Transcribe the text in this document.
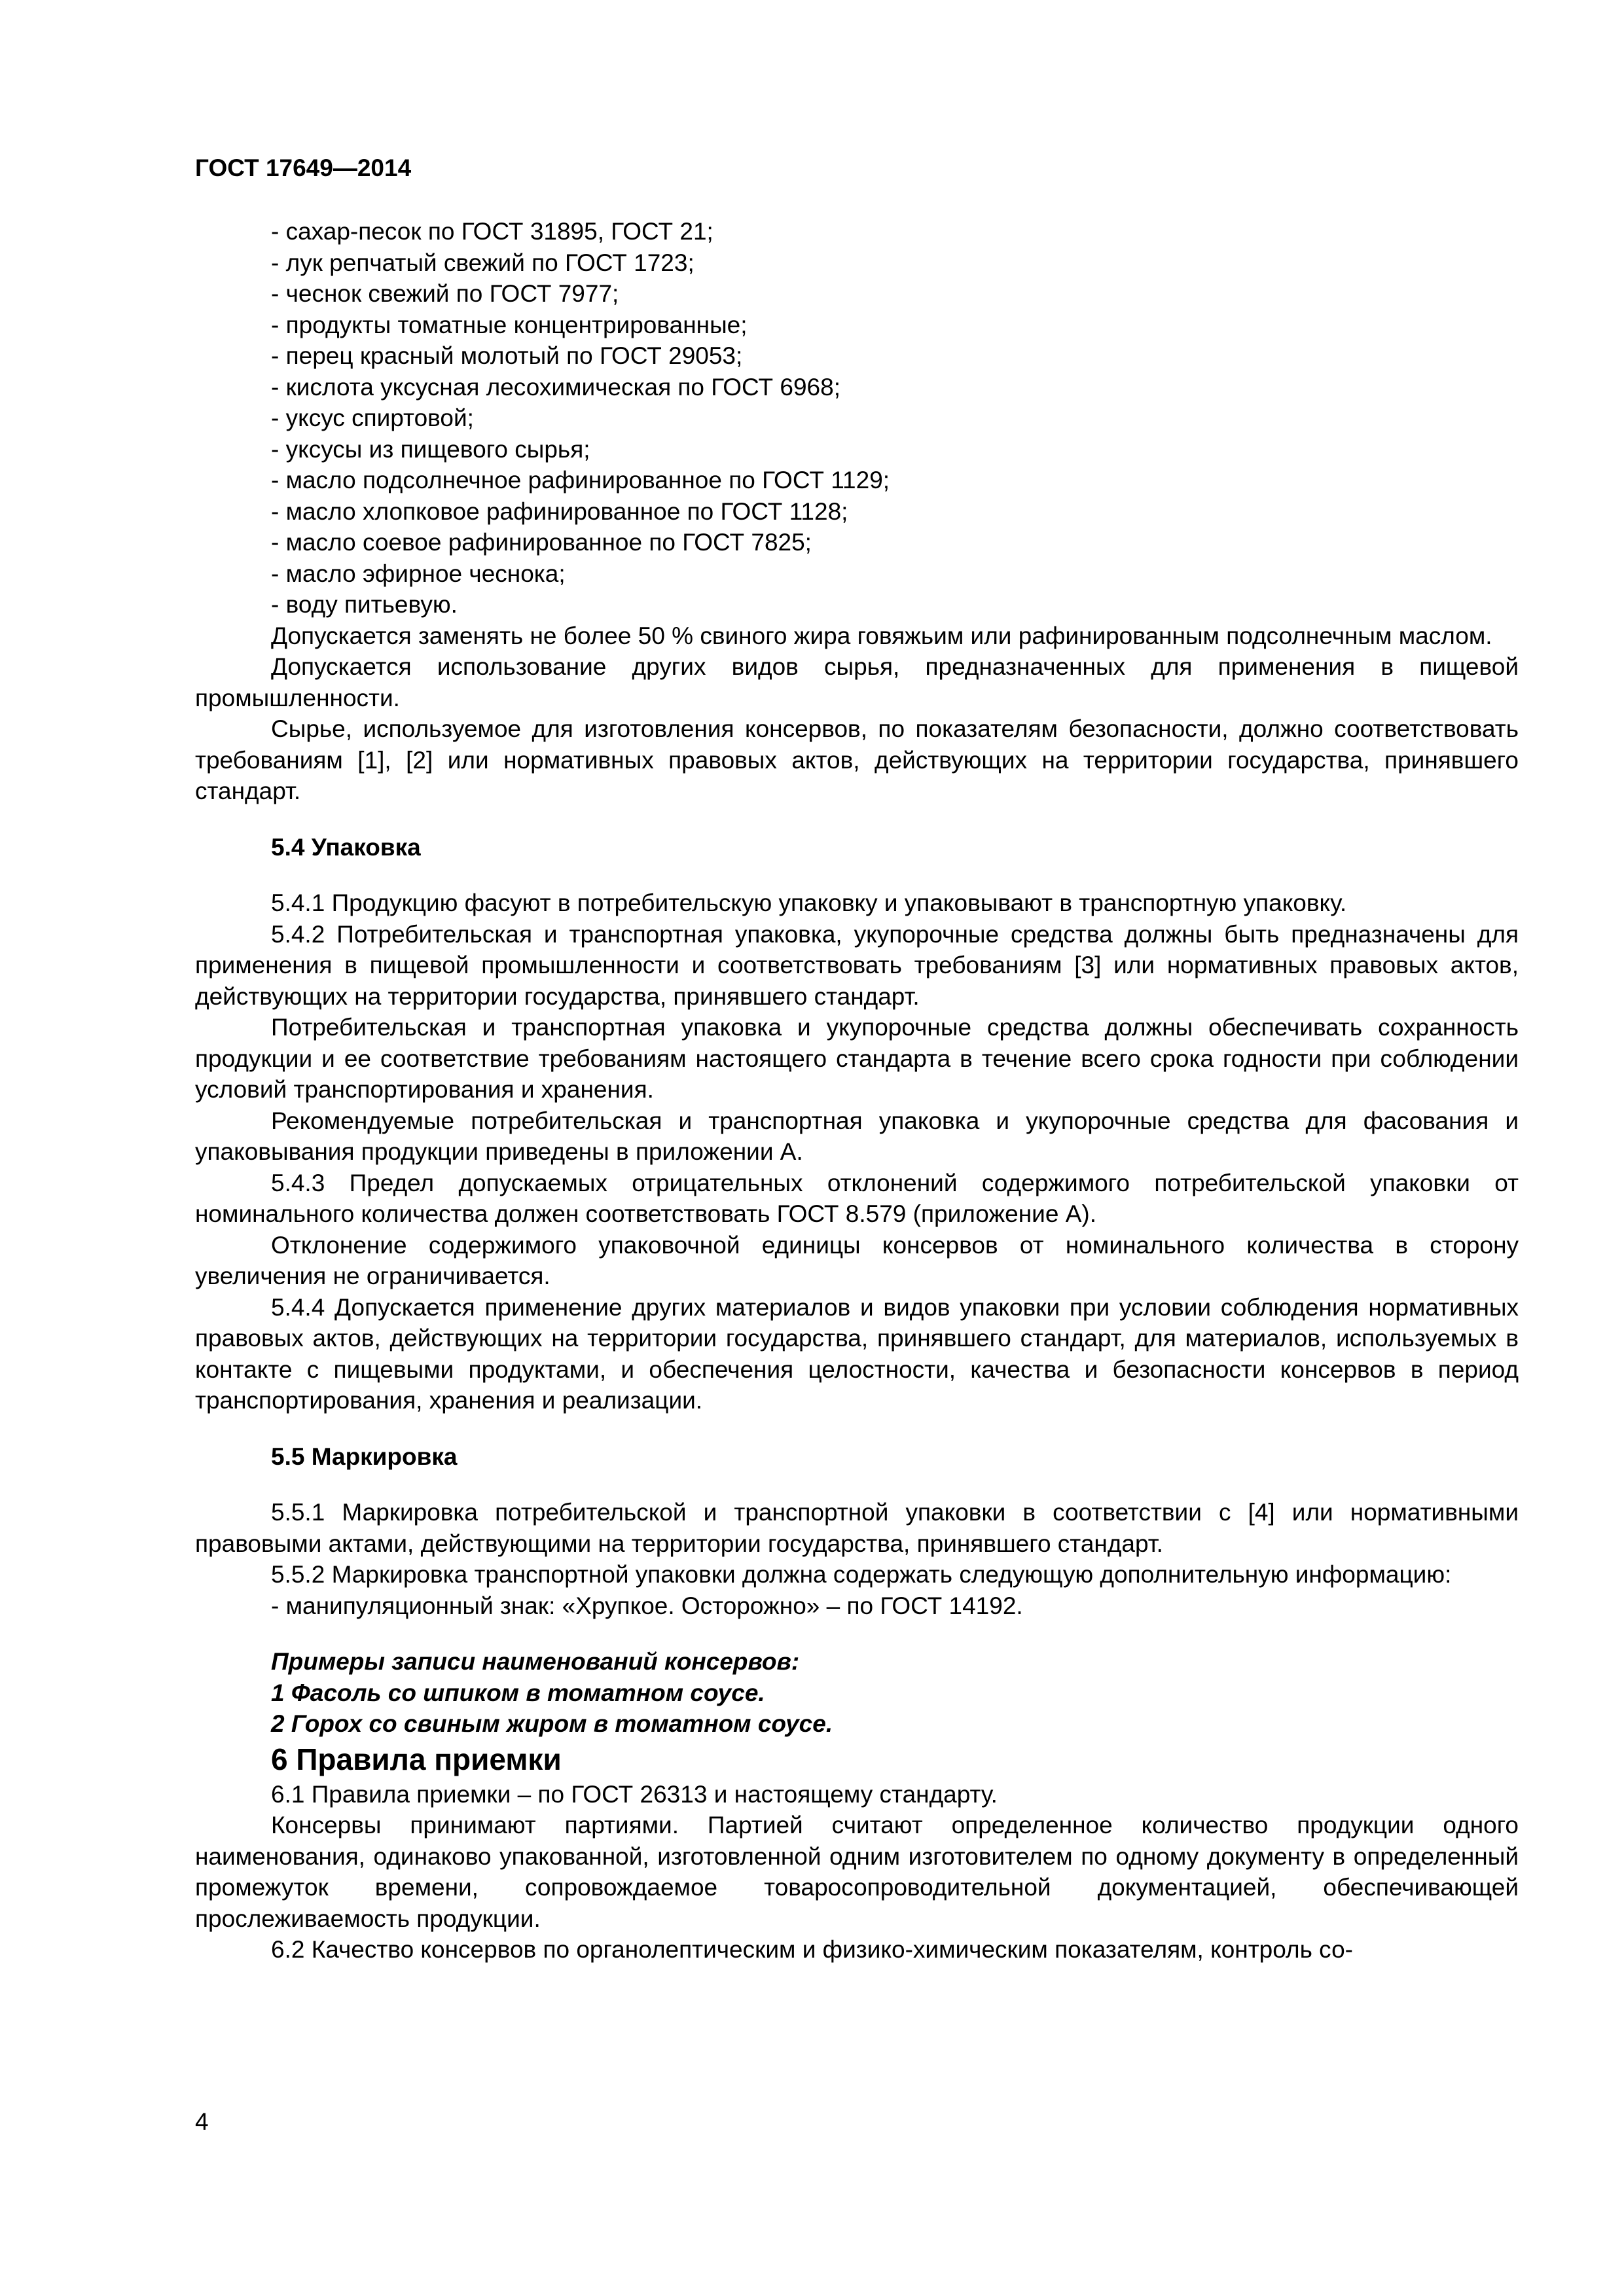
ГОСТ 17649—2014

- сахар-песок по ГОСТ 31895, ГОСТ 21;

- лук репчатый свежий по ГОСТ 1723;

- чеснок свежий по ГОСТ 7977;

- продукты томатные концентрированные;

- перец красный молотый по ГОСТ 29053;

- кислота уксусная лесохимическая по ГОСТ 6968;

- уксус спиртовой;

- уксусы из пищевого сырья;

- масло подсолнечное рафинированное по ГОСТ 1129;

- масло хлопковое рафинированное по ГОСТ 1128;

- масло соевое рафинированное по ГОСТ 7825;

- масло эфирное чеснока;

- воду питьевую.

Допускается заменять не более 50 % свиного жира говяжьим или рафинированным подсолнечным маслом.

Допускается использование других видов сырья, предназначенных для применения в пищевой промышленности.

Сырье, используемое для изготовления консервов, по показателям безопасности, должно соответствовать требованиям [1], [2] или нормативных правовых актов, действующих на территории государства, принявшего стандарт.

5.4 Упаковка

5.4.1 Продукцию фасуют в потребительскую упаковку и упаковывают в транспортную упаковку.

5.4.2 Потребительская и транспортная упаковка, укупорочные средства должны быть предназначены для применения в пищевой промышленности и соответствовать требованиям [3] или нормативных правовых актов, действующих на территории государства, принявшего стандарт.

Потребительская и транспортная упаковка и укупорочные средства должны обеспечивать сохранность продукции и ее соответствие требованиям настоящего стандарта в течение всего срока годности при соблюдении условий транспортирования и хранения.

Рекомендуемые потребительская и транспортная упаковка и укупорочные средства для фасования и упаковывания продукции приведены в приложении А.

5.4.3 Предел допускаемых отрицательных отклонений содержимого потребительской упаковки от номинального количества должен соответствовать ГОСТ 8.579 (приложение А).

Отклонение содержимого упаковочной единицы консервов от номинального количества в сторону увеличения не ограничивается.

5.4.4 Допускается применение других материалов и видов упаковки при условии соблюдения нормативных правовых актов, действующих на территории государства, принявшего стандарт, для материалов, используемых в контакте с пищевыми продуктами, и обеспечения целостности, качества и безопасности консервов в период транспортирования, хранения и реализации.

5.5 Маркировка

5.5.1 Маркировка потребительской и транспортной упаковки в соответствии с [4] или нормативными правовыми актами, действующими на территории государства, принявшего стандарт.

5.5.2 Маркировка транспортной упаковки должна содержать следующую дополнительную информацию:

- манипуляционный знак: «Хрупкое. Осторожно» – по ГОСТ 14192.

Примеры записи наименований консервов:

1 Фасоль со шпиком в томатном соусе.

2 Горох со свиным жиром в томатном соусе.

6 Правила приемки

6.1 Правила приемки – по ГОСТ 26313 и настоящему стандарту.

Консервы принимают партиями. Партией считают определенное количество продукции одного наименования, одинаково упакованной, изготовленной одним изготовителем по одному документу в определенный промежуток времени, сопровождаемое товаросопроводительной документацией, обеспечивающей прослеживаемость продукции.

6.2 Качество консервов по органолептическим и физико-химическим показателям, контроль со-

4
